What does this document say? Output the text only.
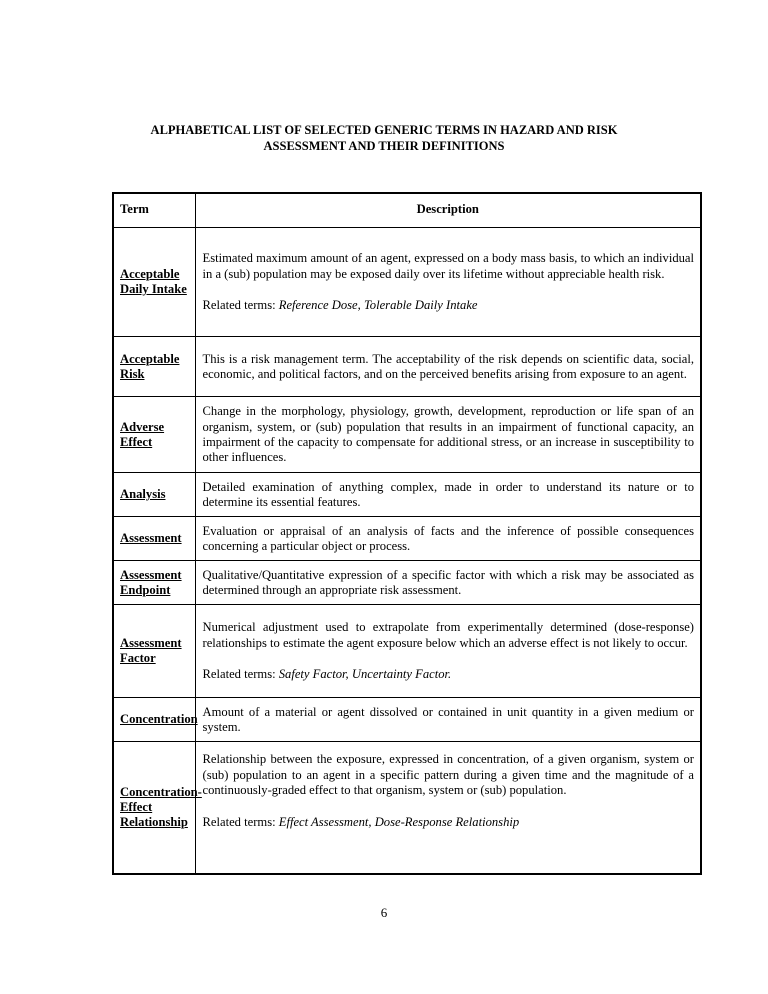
ALPHABETICAL LIST OF SELECTED GENERIC TERMS IN HAZARD AND RISK
ASSESSMENT AND THEIR DEFINITIONS
Term	Description
Acceptable Daily Intake	Estimated maximum amount of an agent, expressed on a body mass basis, to which an individual in a (sub) population may be exposed daily over its lifetime without appreciable health risk.

Related terms: Reference Dose, Tolerable Daily Intake

Acceptable Risk	This is a risk management term. The acceptability of the risk depends on scientific data, social, economic, and political factors, and on the perceived benefits arising from exposure to an agent.

Adverse Effect	Change in the morphology, physiology, growth, development, reproduction or life span of an organism, system, or (sub) population that results in an impairment of functional capacity, an impairment of the capacity to compensate for additional stress, or an increase in susceptibility to other influences.

Analysis	Detailed examination of anything complex, made in order to understand its nature or to determine its essential features.

Assessment	Evaluation or appraisal of an analysis of facts and the inference of possible consequences concerning a particular object or process.

Assessment Endpoint	Qualitative/Quantitative expression of a specific factor with which a risk may be associated as determined through an appropriate risk assessment.

Assessment Factor	Numerical adjustment used to extrapolate from experimentally determined (dose-response) relationships to estimate the agent exposure below which an adverse effect is not likely to occur.

Related terms: Safety Factor, Uncertainty Factor.

Concentration	Amount of a material or agent dissolved or contained in unit quantity in a given medium or system.

Concentration-Effect Relationship	Relationship between the exposure, expressed in concentration, of a given organism, system or (sub) population to an agent in a specific pattern during a given time and the magnitude of a continuously-graded effect to that organism, system or (sub) population.

Related terms: Effect Assessment, Dose-Response Relationship

6
